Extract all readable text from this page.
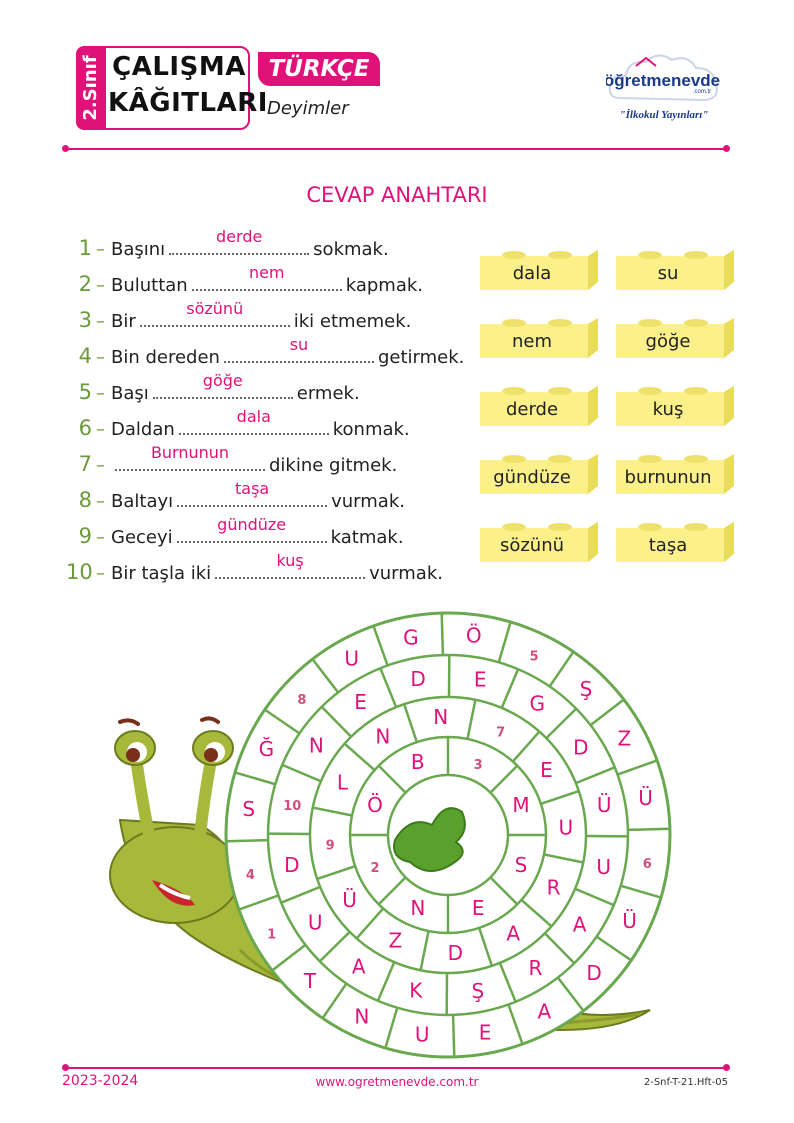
2.Sınıf ÇALIŞMA
KÂĞITLARI
TÜRKÇE
Deyimler
öğretmenevde
.com.tr
"İlkokul Yayınları"
CEVAP ANAHTARI
1 – Başını
derde
sokmak.
2 – Buluttan
nem
kapmak.
3 – Bir
sözünü
iki etmemek.
4 – Bin dereden
su
getirmek.
5 – Başı
göğe
ermek.
6 – Daldan
dala
konmak.
7 –
Burnunun
dikine gitmek.
8 – Baltayı
taşa
vurmak.
9 – Geceyi
gündüze
katmak.
10 – Bir taşla iki
kuş
vurmak.
dala	su
nem	göğe
derde	kuş
gündüze	burnunun
sözünü	taşa
3
M
S
E
N
2
Ö
B
7
E
U
R
A
D
Z
Ü
9
L
N
N
G
D
Ü
U
A
R
Ş
K
A
U
D
10
N
E
D E	Ş
Z
Ü
6
Ü
D
A
E
U
N
T
1
4
S
Ğ
8
U
G Ö
5
2023-2024	www.ogretmenevde.com.tr	2-Snf-T-21.Hft-05
